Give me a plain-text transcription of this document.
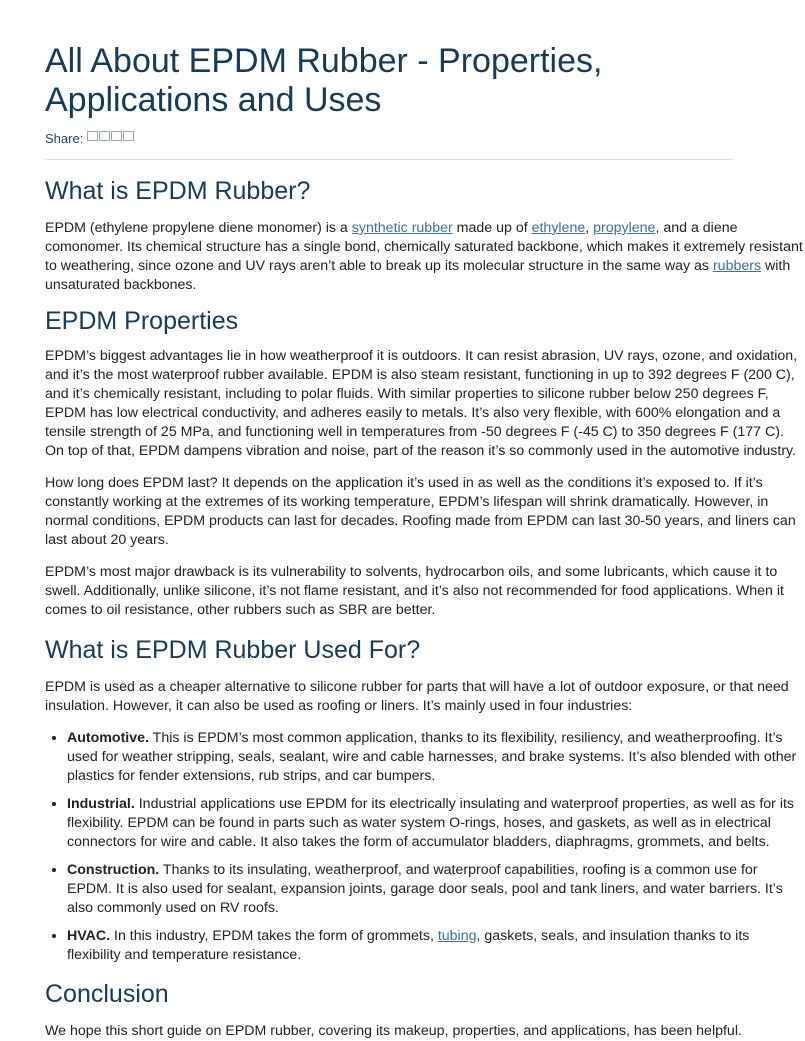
All About EPDM Rubber - Properties, Applications and Uses
Share:
What is EPDM Rubber?

EPDM (ethylene propylene diene monomer) is a synthetic rubber made up of ethylene, propylene, and a diene comonomer. Its chemical structure has a single bond, chemically saturated backbone, which makes it extremely resistant to weathering, since ozone and UV rays aren’t able to break up its molecular structure in the same way as rubbers with unsaturated backbones.

EPDM Properties

EPDM’s biggest advantages lie in how weatherproof it is outdoors. It can resist abrasion, UV rays, ozone, and oxidation, and it’s the most waterproof rubber available. EPDM is also steam resistant, functioning in up to 392 degrees F (200 C), and it’s chemically resistant, including to polar fluids. With similar properties to silicone rubber below 250 degrees F, EPDM has low electrical conductivity, and adheres easily to metals. It’s also very flexible, with 600% elongation and a tensile strength of 25 MPa, and functioning well in temperatures from -50 degrees F (-45 C) to 350 degrees F (177 C). On top of that, EPDM dampens vibration and noise, part of the reason it’s so commonly used in the automotive industry.

How long does EPDM last? It depends on the application it’s used in as well as the conditions it’s exposed to. If it’s constantly working at the extremes of its working temperature, EPDM’s lifespan will shrink dramatically. However, in normal conditions, EPDM products can last for decades. Roofing made from EPDM can last 30-50 years, and liners can last about 20 years.

EPDM’s most major drawback is its vulnerability to solvents, hydrocarbon oils, and some lubricants, which cause it to swell. Additionally, unlike silicone, it’s not flame resistant, and it’s also not recommended for food applications. When it comes to oil resistance, other rubbers such as SBR are better.

What is EPDM Rubber Used For?

EPDM is used as a cheaper alternative to silicone rubber for parts that will have a lot of outdoor exposure, or that need insulation. However, it can also be used as roofing or liners. It’s mainly used in four industries:

• Automotive. This is EPDM’s most common application, thanks to its flexibility, resiliency, and weatherproofing. It’s used for weather stripping, seals, sealant, wire and cable harnesses, and brake systems. It’s also blended with other plastics for fender extensions, rub strips, and car bumpers.
• Industrial. Industrial applications use EPDM for its electrically insulating and waterproof properties, as well as for its flexibility. EPDM can be found in parts such as water system O-rings, hoses, and gaskets, as well as in electrical connectors for wire and cable. It also takes the form of accumulator bladders, diaphragms, grommets, and belts.
• Construction. Thanks to its insulating, weatherproof, and waterproof capabilities, roofing is a common use for EPDM. It is also used for sealant, expansion joints, garage door seals, pool and tank liners, and water barriers. It’s also commonly used on RV roofs.
• HVAC. In this industry, EPDM takes the form of grommets, tubing, gaskets, seals, and insulation thanks to its flexibility and temperature resistance.
Conclusion

We hope this short guide on EPDM rubber, covering its makeup, properties, and applications, has been helpful.
